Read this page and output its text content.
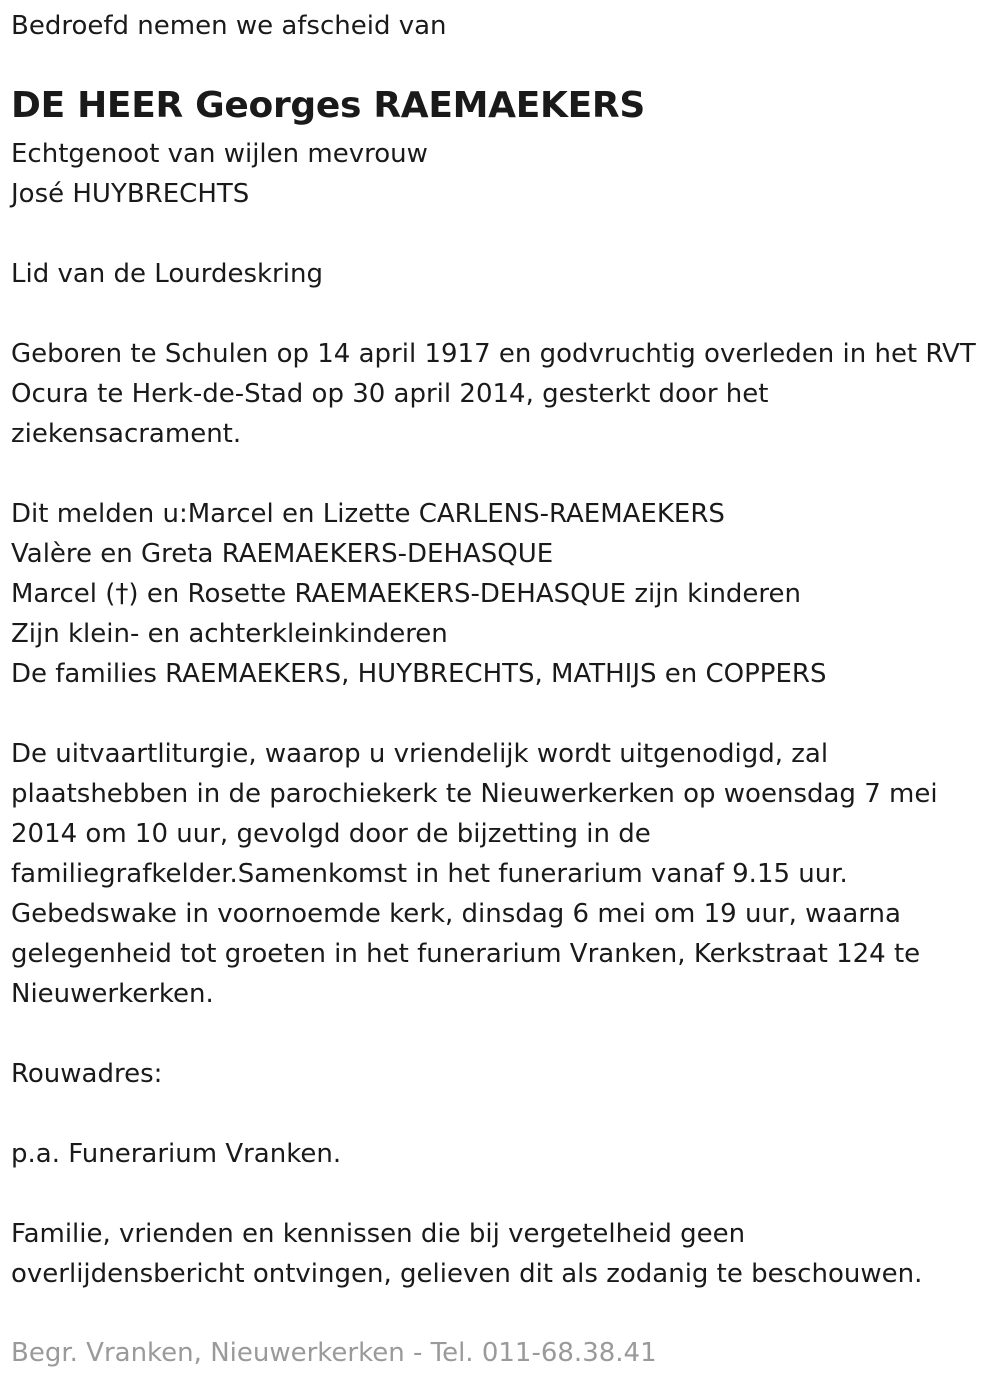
Bedroefd nemen we afscheid van
DE HEER Georges RAEMAEKERS
Echtgenoot van wijlen mevrouw
José HUYBRECHTS
Lid van de Lourdeskring
Geboren te Schulen op 14 april 1917 en godvruchtig overleden in het RVT
Ocura te Herk-de-Stad op 30 april 2014, gesterkt door het
ziekensacrament.
Dit melden u:Marcel en Lizette CARLENS-RAEMAEKERS
Valère en Greta RAEMAEKERS-DEHASQUE
Marcel (†) en Rosette RAEMAEKERS-DEHASQUE zijn kinderen
Zijn klein- en achterkleinkinderen
De families RAEMAEKERS, HUYBRECHTS, MATHIJS en COPPERS
De uitvaartliturgie, waarop u vriendelijk wordt uitgenodigd, zal
plaatshebben in de parochiekerk te Nieuwerkerken op woensdag 7 mei
2014 om 10 uur, gevolgd door de bijzetting in de
familiegrafkelder.Samenkomst in het funerarium vanaf 9.15 uur.
Gebedswake in voornoemde kerk, dinsdag 6 mei om 19 uur, waarna
gelegenheid tot groeten in het funerarium Vranken, Kerkstraat 124 te
Nieuwerkerken.
Rouwadres:
p.a. Funerarium Vranken.
Familie, vrienden en kennissen die bij vergetelheid geen
overlijdensbericht ontvingen, gelieven dit als zodanig te beschouwen.
Begr. Vranken, Nieuwerkerken - Tel. 011-68.38.41
